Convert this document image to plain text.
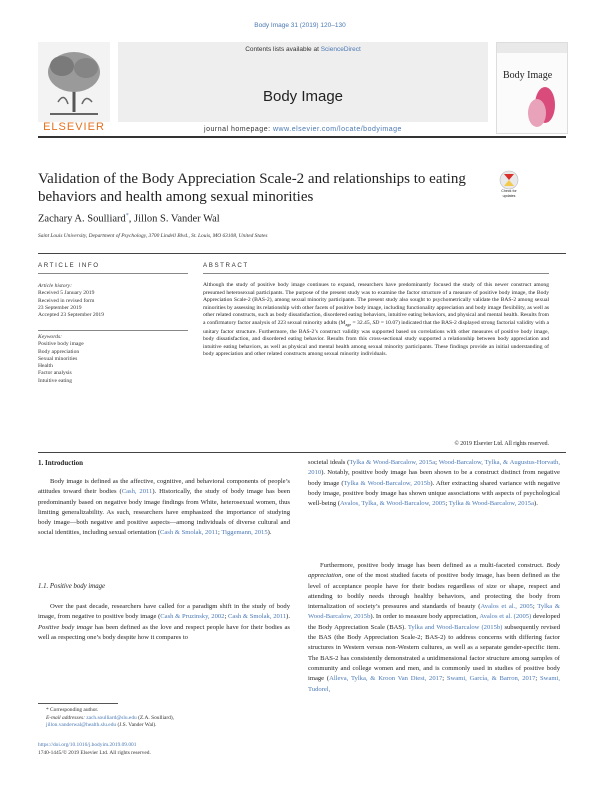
Body Image 31 (2019) 120–130
ELSEVIER
Contents lists available at ScienceDirect
Body Image
journal homepage: www.elsevier.com/locate/bodyimage
Body Image
Validation of the Body Appreciation Scale-2 and relationships to eating behaviors and health among sexual minorities	Check for
updates
Zachary A. Soulliard*, Jillon S. Vander Wal
Saint Louis University, Department of Psychology, 3700 Lindell Blvd., St. Louis, MO 63108, United States
ARTICLE INFO
Article history:
Received 5 January 2019
Received in revised form
23 September 2019
Accepted 23 September 2019
Keywords:
Positive body image
Body appreciation
Sexual minorities
Health
Factor analysis
Intuitive eating
ABSTRACT
Although the study of positive body image continues to expand, researchers have predominantly focused the study of this newer construct among presumed heterosexual participants. The purpose of the present study was to examine the factor structure of a measure of positive body image, the Body Appreciation Scale-2 (BAS-2), among sexual minority participants. The present study also sought to psychometrically validate the BAS-2 among sexual minorities by assessing its relationship with other facets of positive body image, including functionality appreciation and body image flexibility, as well as other related constructs, such as body dissatisfaction, disordered eating behaviors, intuitive eating behaviors, and physical and mental health. Results from a confirmatory factor analysis of 223 sexual minority adults ($M_{age} = 32.45$, SD = 10.07) indicated that the BAS-2 displayed strong factorial validity with a unitary factor structure. Furthermore, the BAS-2’s construct validity was supported based on correlations with other measures of positive body image, body dissatisfaction, and disordered eating behavior. Results from this cross-sectional study supported a relationship between body appreciation and intuitive eating behaviors, as well as physical and mental health among sexual minority participants. These findings provide an initial understanding of body appreciation and other related constructs among sexual minority individuals.
© 2019 Elsevier Ltd. All rights reserved.
1. Introduction
Body image is defined as the affective, cognitive, and behavioral components of people’s attitudes toward their bodies (Cash, 2011). Historically, the study of body image has been predominantly based on negative body image findings from White, heterosexual women, thus limiting generalizability. As such, researchers have emphasized the importance of studying body image—both negative and positive aspects—among individuals of diverse cultural and social identities, including sexual orientation (Cash & Smolak, 2011; Tiggemann, 2015).
1.1. Positive body image
Over the past decade, researchers have called for a paradigm shift in the study of body image, from negative to positive body image (Cash & Pruzinsky, 2002; Cash & Smolak, 2011). Positive body image has been defined as the love and respect people have for their bodies as well as respecting one’s body despite how it compares to
societal ideals (Tylka & Wood-Barcalow, 2015a; Wood-Barcalow, Tylka, & Augustus-Horvath, 2010). Notably, positive body image has been shown to be a construct distinct from negative body image (Tylka & Wood-Barcalow, 2015b). After extracting shared variance with negative body image, positive body image has shown unique associations with aspects of psychological well-being (Avalos, Tylka, & Wood-Barcalow, 2005; Tylka & Wood-Barcalow, 2015a).
Furthermore, positive body image has been defined as a multi-faceted construct. Body appreciation, one of the most studied facets of positive body image, has been defined as the level of acceptance people have for their bodies regardless of size or shape, respect and attending to bodily needs through healthy behaviors, and protecting the body from internalization of society’s pressures and standards of beauty (Avalos et al., 2005; Tylka & Wood-Barcalow, 2015b). In order to measure body appreciation, Avalos et al. (2005) developed the Body Appreciation Scale (BAS). Tylka and Wood-Barcalow (2015b) subsequently revised the BAS (the Body Appreciation Scale-2; BAS-2) to address concerns with differing factor structures in Western versus non-Western cultures, as well as a separate gender-specific item. The BAS-2 has consistently demonstrated a unidimensional factor structure among samples of community and college women and men, and is commonly used in studies of positive body image (Alleva, Tylka, & Kroon Van Diest, 2017; Swami, García, & Barron, 2017; Swami, Tudorel,
* Corresponding author.
E-mail addresses: zach.soulliard@slu.edu (Z.A. Soulliard),
jillon.vanderwal@health.slu.edu (J.S. Vander Wal).
https://doi.org/10.1016/j.bodyim.2019.09.001
1740-1445/© 2019 Elsevier Ltd. All rights reserved.
